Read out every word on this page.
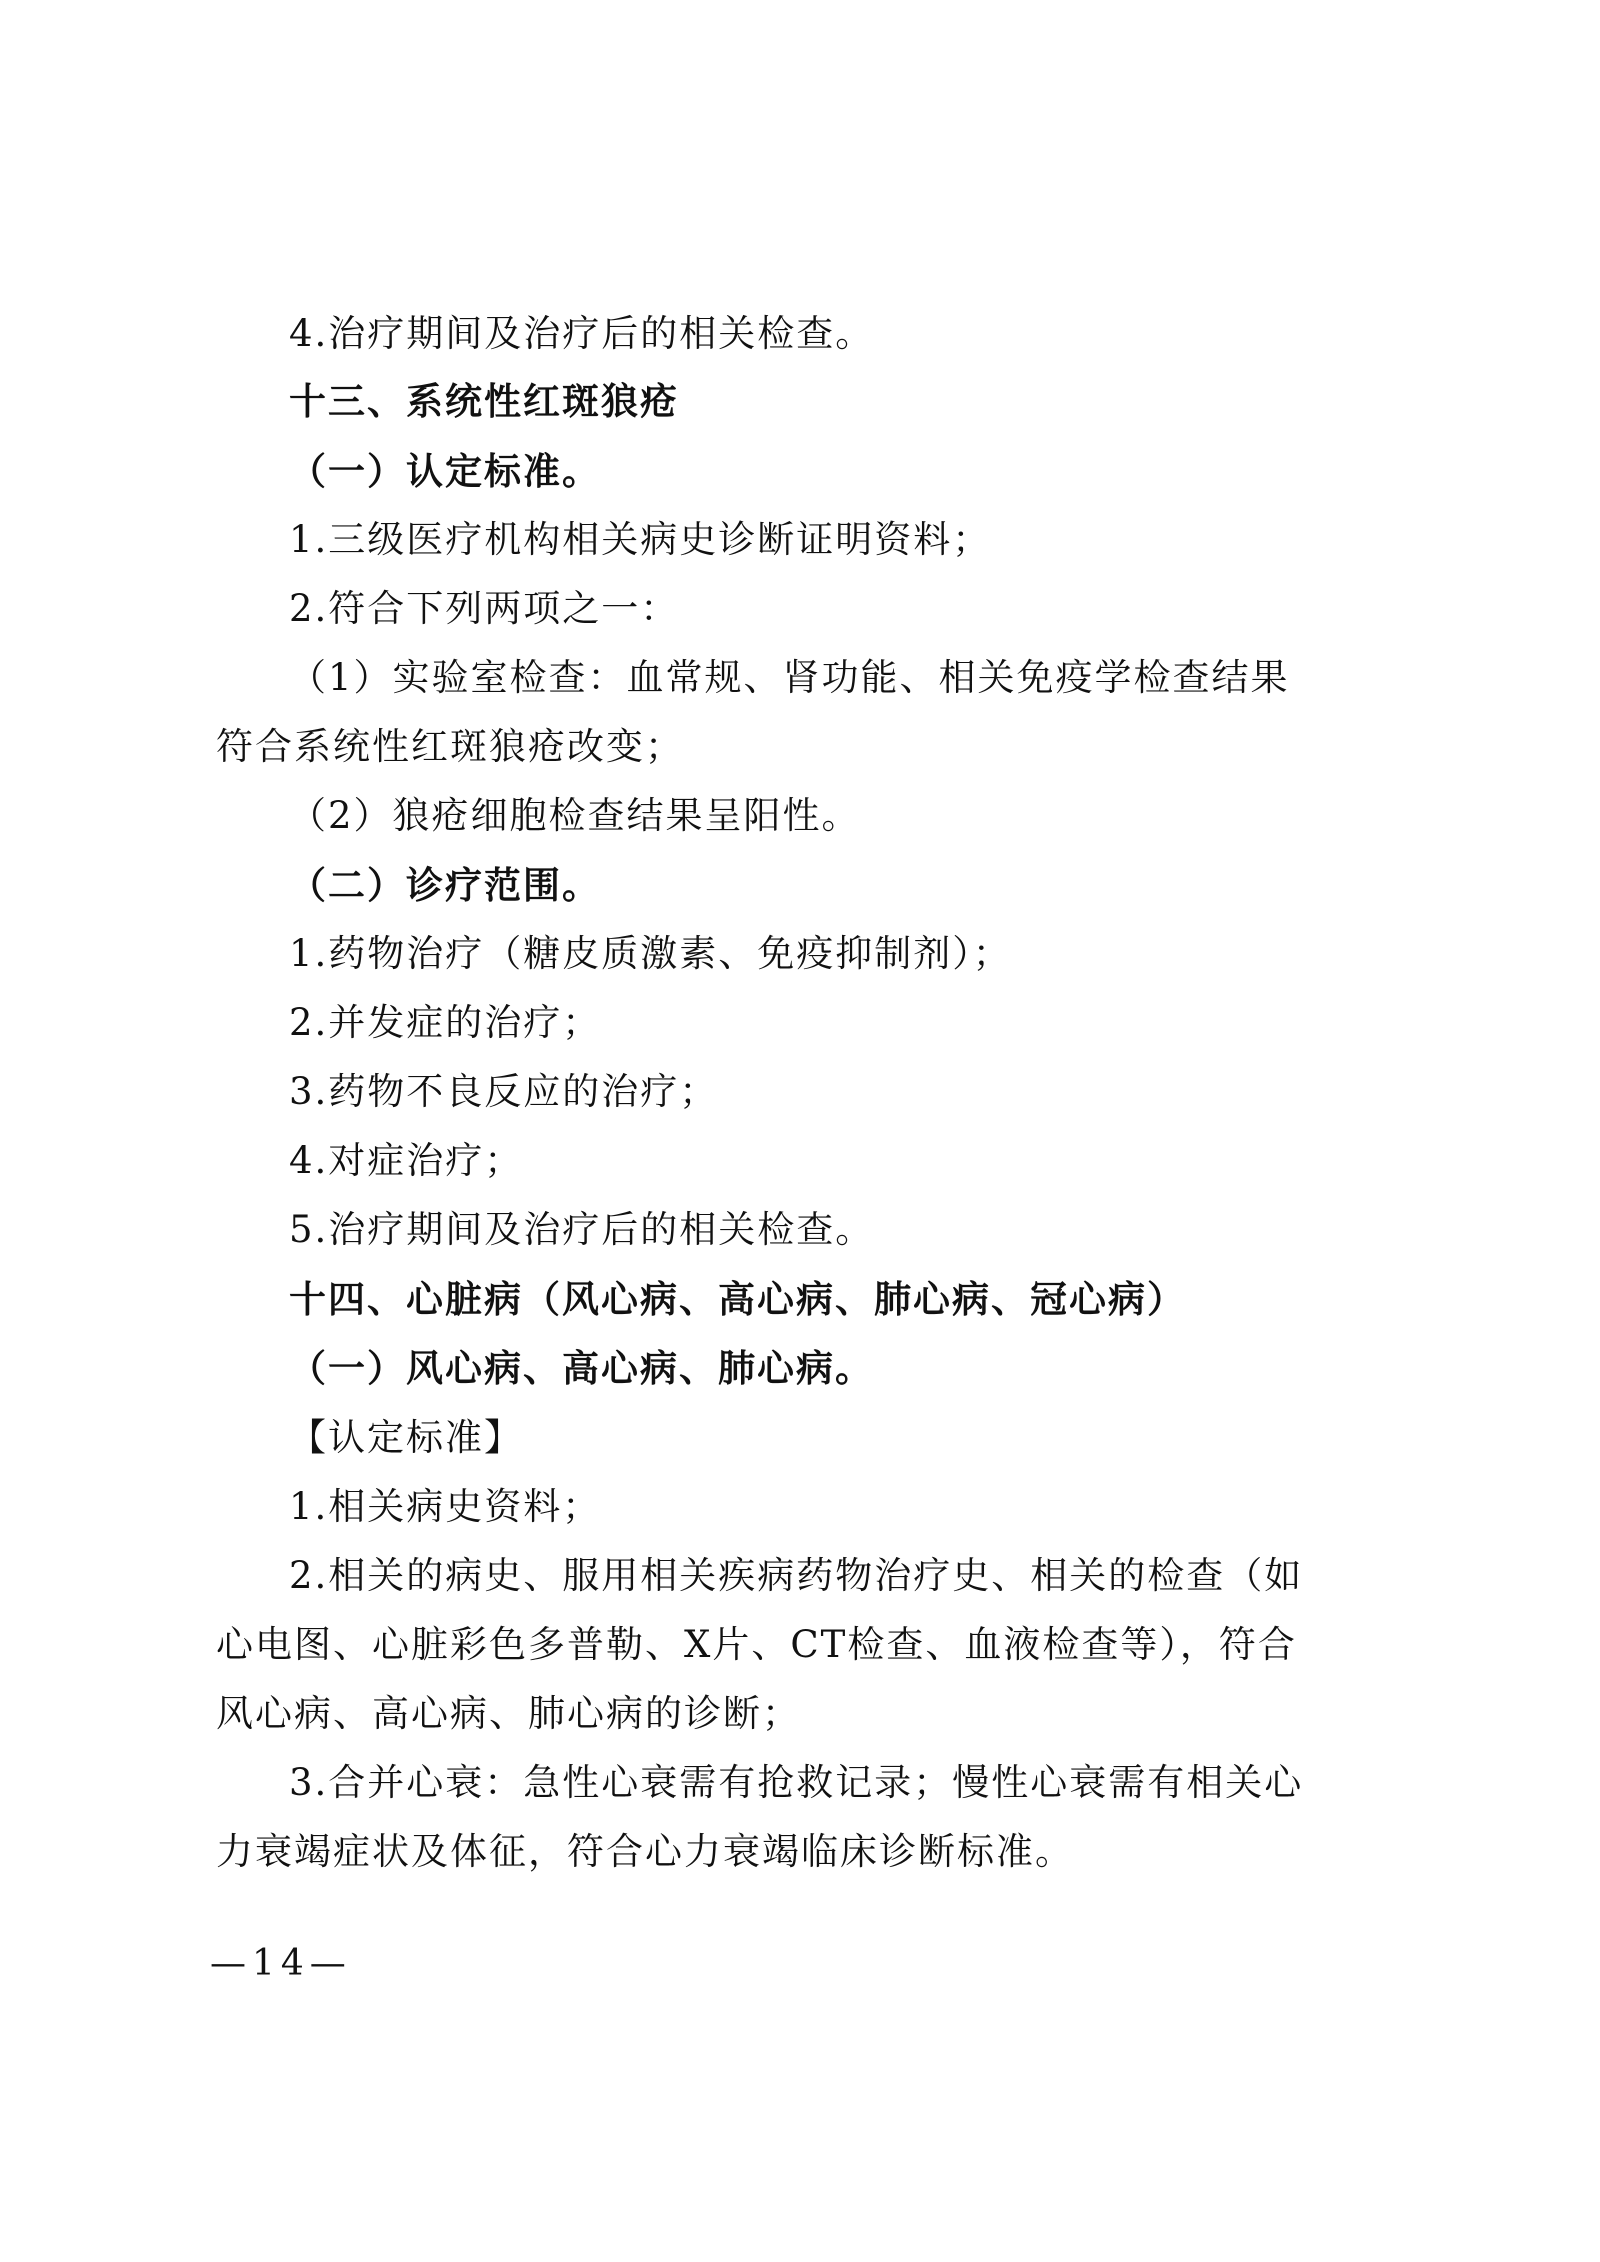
4.治疗期间及治疗后的相关检查。
十三、系统性红斑狼疮
（一）认定标准。
1.三级医疗机构相关病史诊断证明资料；
2.符合下列两项之一：
（1）实验室检查：血常规、肾功能、相关免疫学检查结果
符合系统性红斑狼疮改变；
（2）狼疮细胞检查结果呈阳性。
（二）诊疗范围。
1.药物治疗（糖皮质激素、免疫抑制剂）；
2.并发症的治疗；
3.药物不良反应的治疗；
4.对症治疗；
5.治疗期间及治疗后的相关检查。
十四、心脏病（风心病、高心病、肺心病、冠心病）
（一）风心病、高心病、肺心病。
【认定标准】
1.相关病史资料；
2.相关的病史、服用相关疾病药物治疗史、相关的检查（如
心电图、心脏彩色多普勒、X片、CT检查、血液检查等），符合
风心病、高心病、肺心病的诊断；
3.合并心衰：急性心衰需有抢救记录；慢性心衰需有相关心
力衰竭症状及体征，符合心力衰竭临床诊断标准。
—14—
